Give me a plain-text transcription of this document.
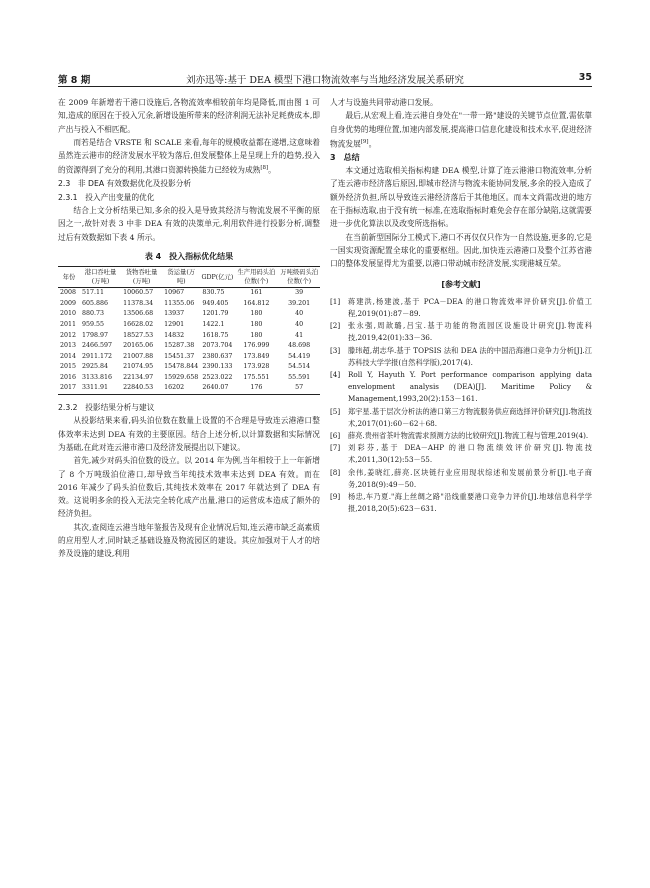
第 8 期	刘亦迅等:基于 DEA 模型下港口物流效率与当地经济发展关系研究	35

在 2009 年新增若干港口设施后,各物流效率相较前年均是降低,而由图 1 可知,造成的原因在于投入冗余,新增设施所带来的经济利润无法补足耗费成本,即产出与投入不相匹配。

而若是结合 VRSTE 和 SCALE 来看,每年的规模收益都在递增,这意味着虽然连云港市的经济发展水平较为落后,但发展整体上是呈现上升的趋势,投入的资源得到了充分的利用,其港口资源转换能力已经较为成熟[8]。

2.3　非 DEA 有效数据优化及投影分析
2.3.1　投入产出变量的优化

结合上文分析结果已知,多余的投入是导致其经济与物流发展不平衡的原因之一,故针对表 3 中非 DEA 有效的决策单元,利用软件进行投影分析,调整过后有效数据如下表 4 所示。

表 4　投入指标优化结果
年份	港口吞吐量(万吨)	货物吞吐量(万吨)	货运量(万吨)	GDP(亿元)	生产用码头泊位数(个)	万吨级码头泊位数(个)
2008	517.11	10060.57	10967	830.75	161	39
2009	605.886	11378.34	11355.06	949.405	164.812	39.201
2010	880.73	13506.68	13937	1201.79	180	40
2011	959.55	16628.02	12901	1422.1	180	40
2012	1798.97	18527.53	14832	1618.75	180	41
2013	2466.597	20165.06	15287.38	2073.704	176.999	48.698
2014	2911.172	21007.88	15451.37	2380.637	173.849	54.419
2015	2925.84	21074.95	15478.844	2390.133	173.928	54.514
2016	3133.816	22134.97	15929.658	2523.022	175.551	55.591
2017	3311.91	22840.53	16202	2640.07	176	57
2.3.2　投影结果分析与建议

从投影结果来看,码头泊位数在数量上设置的不合理是导致连云港港口整体效率未达到 DEA 有效的主要原因。结合上述分析,以计算数据和实际情况为基础,在此对连云港市港口及经济发展提出以下建议。

首先,减少对码头泊位数的设立。以 2014 年为例,当年相较于上一年新增了 8 个万吨级泊位港口,却导致当年纯技术效率未达到 DEA 有效。而在 2016 年减少了码头泊位数后,其纯技术效率在 2017 年就达到了 DEA 有效。这说明多余的投入无法完全转化成产出量,港口的运营成本造成了额外的经济负担。

其次,查阅连云港当地年鉴报告及现有企业情况后知,连云港市缺乏高素质的应用型人才,同时缺乏基础设施及物流园区的建设。其应加强对于人才的培养及设施的建设,利用

人才与设施共同带动港口发展。

最后,从宏观上看,连云港自身处在"一带一路"建设的关键节点位置,需依靠自身优势的地理位置,加速内部发展,提高港口信息化建设和技术水平,促进经济物流发展[9]。

3　总结

本文通过选取相关指标构建 DEA 模型,计算了连云港港口物流效率,分析了连云港市经济落后原因,即城市经济与物流未能协同发展,多余的投入造成了额外经济负担,所以导致连云港经济落后于其他地区。而本文尚需改进的地方在于指标选取,由于没有统一标准,在选取指标时难免会存在部分缺陷,这就需要进一步优化算法以及改变所选指标。

在当前新型国际分工模式下,港口不再仅仅只作为一自然设施,更多的,它是一国实现资源配置全球化的重要枢纽。因此,加快连云港港口及整个江苏省港口的整体发展显得尤为重要,以港口带动城市经济发展,实现港城互荣。

[参考文献]
[1]	蒋建洪,杨建波,基于 PCA－DEA 的港口物流效率评价研究[J].价值工程,2019(01):87－89.
[2]	张永强,周歆璐,吕宝.基于功能的物流园区设施设计研究[J].物流科技,2019,42(01):33－36.
[3]	滕玮超,胡志华.基于 TOPSIS 法和 DEA 法的中国沿海港口竞争力分析[J].江苏科技大学学报(自然科学版),2017(4).
[4]	Roll Y, Hayuth Y. Port performance comparison applying data envelopment analysis (DEA)[J]. Maritime Policy & Management,1993,20(2):153－161.
[5]	郑宇星.基于层次分析法的港口第三方物流服务供应商选择评价研究[J].物流技术,2017(01):60－62＋68.
[6]	薛亮.贵州省茶叶物流需求预测方法的比较研究[J].物流工程与管理,2019(4).
[7]	刘彩芬,基于 DEA－AHP 的港口物流绩效评价研究[J].物流技术,2011,30(12):53－55.
[8]	余伟,姜晓红,薛亮.区块链行业应用现状综述和发展前景分析[J].电子商务,2018(9):49－50.
[9]	杨忠,车乃夏."海上丝绸之路"沿线重要港口竞争力评价[J].地球信息科学学报,2018,20(5):623－631.
